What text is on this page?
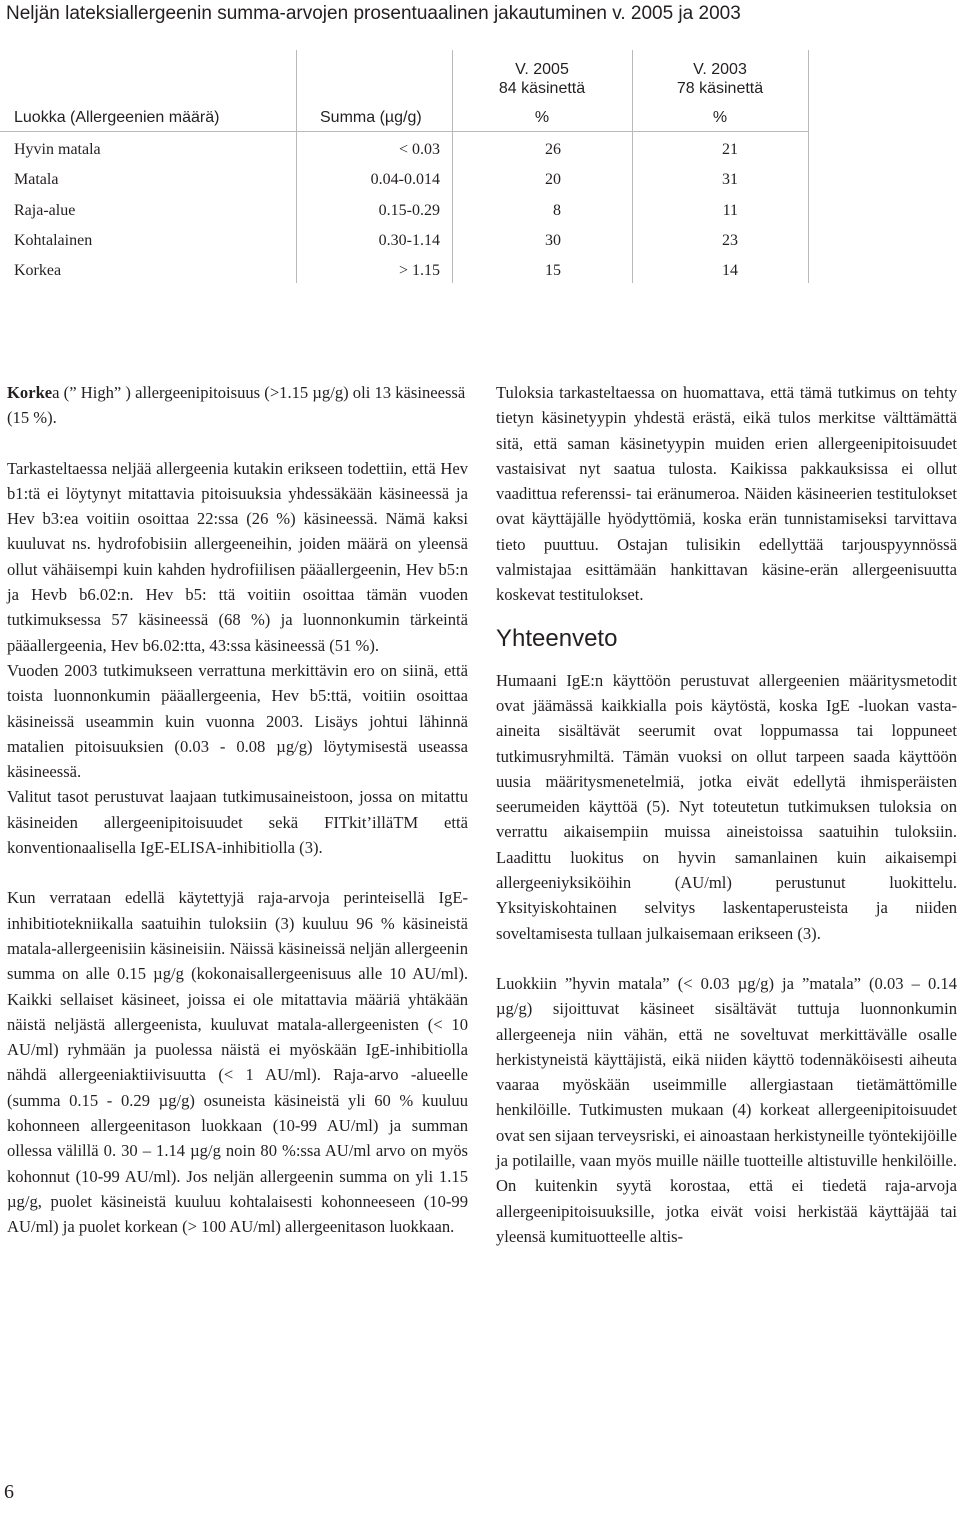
Neljän lateksiallergeenin summa-arvojen prosentuaalinen jakautuminen v. 2005 ja 2003
V. 2005
84 käsinettä
V. 2003
78 käsinettä
Luokka (Allergeenien määrä)	Summa (µg/g)	%	%
Hyvin matala	< 0.03	26	21
Matala	0.04-0.014	20	31
Raja-alue	0.15-0.29	8	11
Kohtalainen	0.30-1.14	30	23
Korkea	> 1.15	15	14

Korkea (” High” ) allergeenipitoisuus (>1.15 µg/g) oli 13 käsineessä (15 %).

Tarkasteltaessa neljää allergeenia kutakin erikseen todettiin, että Hev b1:tä ei löytynyt mitattavia pitoisuuksia yhdessäkään käsineessä ja Hev b3:ea voitiin osoittaa 22:ssa (26 %) käsineessä. Nämä kaksi kuuluvat ns. hydrofobisiin allergeeneihin, joiden määrä on yleensä ollut vähäisempi kuin kahden hydrofiilisen pääallergeenin, Hev b5:n ja Hevb b6.02:n. Hev b5: ttä voitiin osoittaa tämän vuoden tutkimuksessa 57 käsineessä (68 %) ja luonnonkumin tärkeintä pääallergeenia, Hev b6.02:tta, 43:ssa käsineessä (51 %).

Vuoden 2003 tutkimukseen verrattuna merkittävin ero on siinä, että toista luonnonkumin pääallergeenia, Hev b5:ttä, voitiin osoittaa käsineissä useammin kuin vuonna 2003. Lisäys johtui lähinnä matalien pitoisuuksien (0.03 - 0.08 µg/g) löytymisestä useassa käsineessä.

Valitut tasot perustuvat laajaan tutkimusaineistoon, jossa on mitattu käsineiden allergeenipitoisuudet sekä FITkit’illäTM että konventionaalisella IgE-ELISA-inhibitiolla (3).

Kun verrataan edellä käytettyjä raja-arvoja perinteisellä IgE-inhibitiotekniikalla saatuihin tuloksiin (3) kuuluu 96 % käsineistä matala-allergeenisiin käsineisiin. Näissä käsineissä neljän allergeenin summa on alle 0.15 µg/g (kokonaisallergeenisuus alle 10 AU/ml). Kaikki sellaiset käsineet, joissa ei ole mitattavia määriä yhtäkään näistä neljästä allergeenista, kuuluvat matala-allergeenisten (< 10 AU/ml) ryhmään ja puolessa näistä ei myöskään IgE-inhibitiolla nähdä allergeeniaktiivisuutta (< 1 AU/ml). Raja-arvo -alueelle (summa 0.15 - 0.29 µg/g) osuneista käsineistä yli 60 % kuuluu kohonneen allergeenitason luokkaan (10-99 AU/ml) ja summan ollessa välillä 0. 30 – 1.14 µg/g noin 80 %:ssa AU/ml arvo on myös kohonnut (10-99 AU/ml). Jos neljän allergeenin summa on yli 1.15 µg/g, puolet käsineistä kuuluu kohtalaisesti kohonneeseen (10-99 AU/ml) ja puolet korkean (> 100 AU/ml) allergeenitason luokkaan.

Tuloksia tarkasteltaessa on huomattava, että tämä tutkimus on tehty tietyn käsinetyypin yhdestä erästä, eikä tulos merkitse välttämättä sitä, että saman käsinetyypin muiden erien allergeenipitoisuudet vastaisivat nyt saatua tulosta. Kaikissa pakkauksissa ei ollut vaadittua referenssi- tai eränumeroa. Näiden käsineerien testitulokset ovat käyttäjälle hyödyttömiä, koska erän tunnistamiseksi tarvittava tieto puuttuu. Ostajan tulisikin edellyttää tarjouspyynnössä valmistajaa esittämään hankittavan käsine-erän allergeenisuutta koskevat testitulokset.

Yhteenveto

Humaani IgE:n käyttöön perustuvat allergeenien määritysmetodit ovat jäämässä kaikkialla pois käytöstä, koska IgE -luokan vasta-aineita sisältävät seerumit ovat loppumassa tai loppuneet tutkimusryhmiltä. Tämän vuoksi on ollut tarpeen saada käyttöön uusia määritysmenetelmiä, jotka eivät edellytä ihmisperäisten seerumeiden käyttöä (5). Nyt toteutetun tutkimuksen tuloksia on verrattu aikaisempiin muissa aineistoissa saatuihin tuloksiin. Laadittu luokitus on hyvin samanlainen kuin aikaisempi allergeeniyksiköihin (AU/ml) perustunut luokittelu. Yksityiskohtainen selvitys laskentaperusteista ja niiden soveltamisesta tullaan julkaisemaan erikseen (3).

Luokkiin ”hyvin matala” (< 0.03 µg/g) ja ”matala” (0.03 – 0.14 µg/g) sijoittuvat käsineet sisältävät tuttuja luonnonkumin allergeeneja niin vähän, että ne soveltuvat merkittävälle osalle herkistyneistä käyttäjistä, eikä niiden käyttö todennäköisesti aiheuta vaaraa myöskään useimmille allergiastaan tietämättömille henkilöille. Tutkimusten mukaan (4) korkeat allergeenipitoisuudet ovat sen sijaan terveysriski, ei ainoastaan herkistyneille työntekijöille ja potilaille, vaan myös muille näille tuotteille altistuville henkilöille. On kuitenkin syytä korostaa, että ei tiedetä raja-arvoja allergeenipitoisuuksille, jotka eivät voisi herkistää käyttäjää tai yleensä kumituotteelle altis-

6
